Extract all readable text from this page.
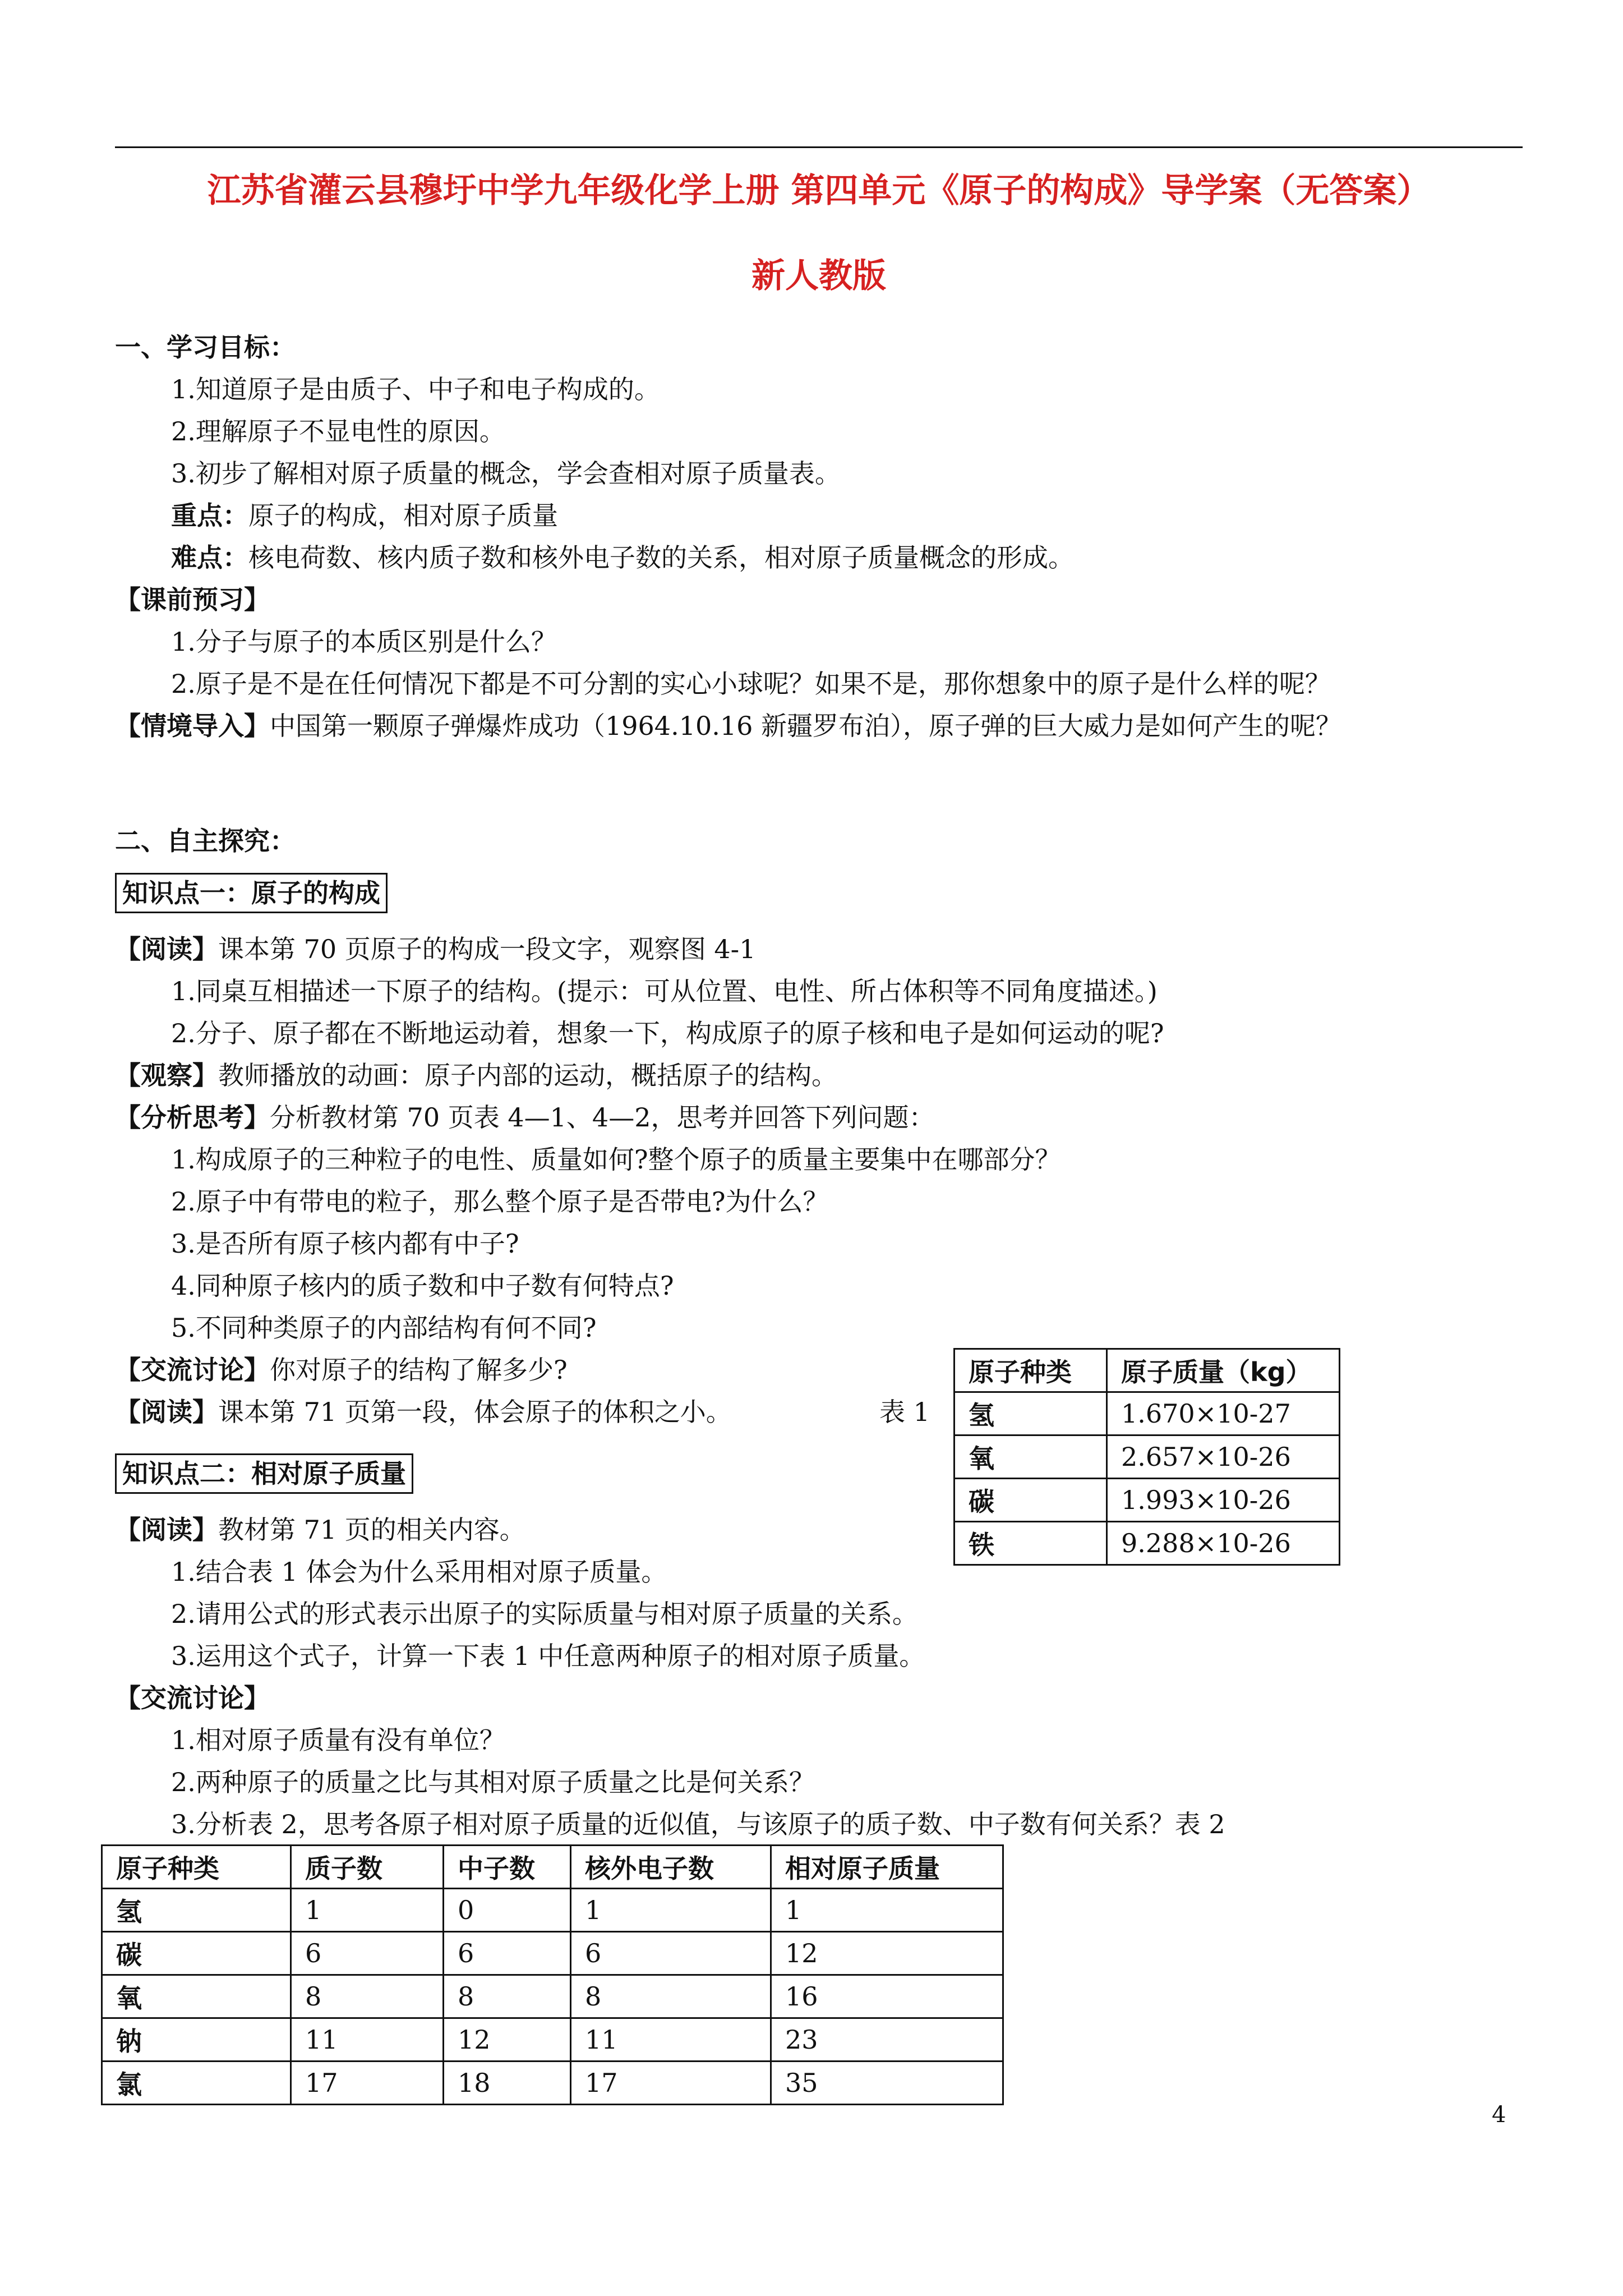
江苏省灌云县穆圩中学九年级化学上册 第四单元《原子的构成》导学案（无答案）
新人教版
一、学习目标：
1.知道原子是由质子、中子和电子构成的。
2.理解原子不显电性的原因。
3.初步了解相对原子质量的概念，学会查相对原子质量表。
重点：原子的构成，相对原子质量
难点：核电荷数、核内质子数和核外电子数的关系，相对原子质量概念的形成。
【课前预习】
1.分子与原子的本质区别是什么？
2.原子是不是在任何情况下都是不可分割的实心小球呢？如果不是，那你想象中的原子是什么样的呢？
【情境导入】中国第一颗原子弹爆炸成功（1964.10.16 新疆罗布泊），原子弹的巨大威力是如何产生的呢？
二、自主探究：
知识点一：原子的构成
【阅读】课本第 70 页原子的构成一段文字，观察图 4-1
1.同桌互相描述一下原子的结构。(提示：可从位置、电性、所占体积等不同角度描述。)
2.分子、原子都在不断地运动着，想象一下，构成原子的原子核和电子是如何运动的呢?
【观察】教师播放的动画：原子内部的运动，概括原子的结构。
【分析思考】分析教材第 70 页表 4—1、4—2，思考并回答下列问题：
1.构成原子的三种粒子的电性、质量如何?整个原子的质量主要集中在哪部分？
2.原子中有带电的粒子，那么整个原子是否带电?为什么？
3.是否所有原子核内都有中子?
4.同种原子核内的质子数和中子数有何特点?
5.不同种类原子的内部结构有何不同?
【交流讨论】你对原子的结构了解多少?
【阅读】课本第 71 页第一段，体会原子的体积之小。	表 1
原子种类	原子质量（kg）
氢	1.670×10-27
氧	2.657×10-26
碳	1.993×10-26
铁	9.288×10-26
知识点二：相对原子质量
【阅读】教材第 71 页的相关内容。
1.结合表 1 体会为什么采用相对原子质量。
2.请用公式的形式表示出原子的实际质量与相对原子质量的关系。
3.运用这个式子，计算一下表 1 中任意两种原子的相对原子质量。
【交流讨论】
1.相对原子质量有没有单位？
2.两种原子的质量之比与其相对原子质量之比是何关系？
3.分析表 2，思考各原子相对原子质量的近似值，与该原子的质子数、中子数有何关系？表 2
原子种类	质子数	中子数	核外电子数	相对原子质量
氢	1	0	1	1
碳	6	6	6	12
氧	8	8	8	16
钠	11	12	11	23
氯	17	18	17	35
4
